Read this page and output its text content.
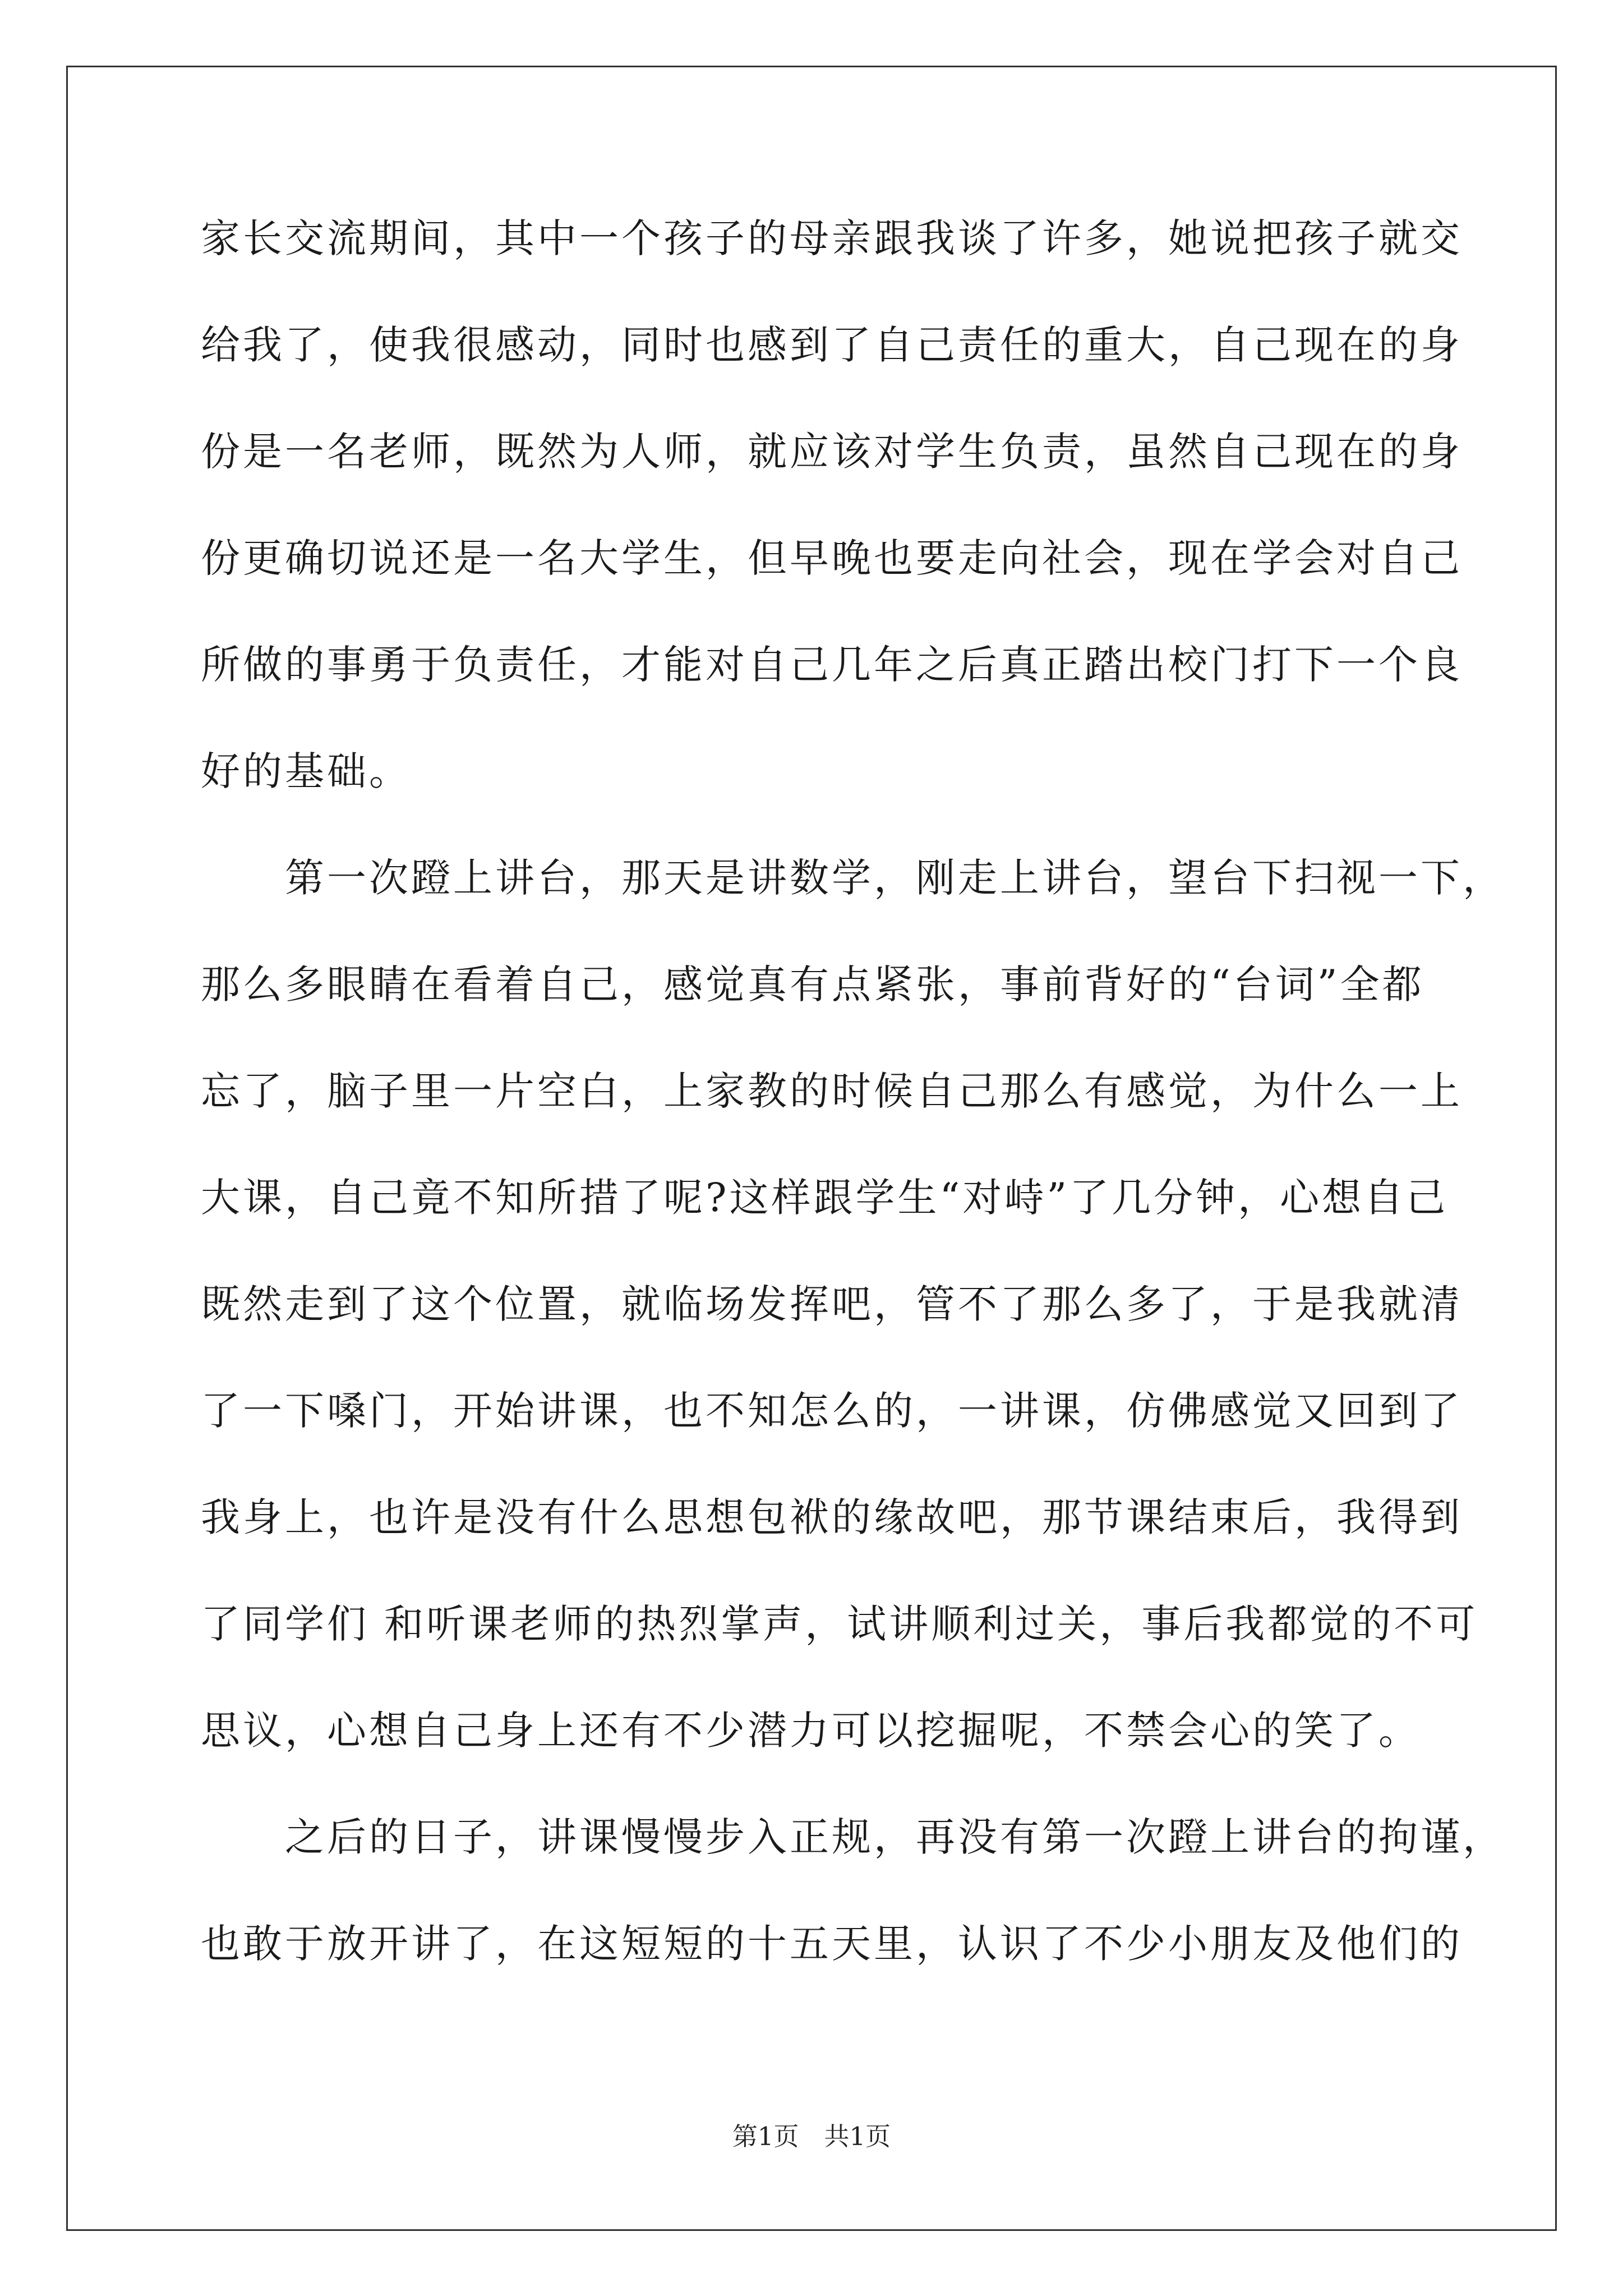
家长交流期间，其中一个孩子的母亲跟我谈了许多，她说把孩子就交
给我了，使我很感动，同时也感到了自己责任的重大，自己现在的身
份是一名老师，既然为人师，就应该对学生负责，虽然自己现在的身
份更确切说还是一名大学生，但早晚也要走向社会，现在学会对自己
所做的事勇于负责任，才能对自己几年之后真正踏出校门打下一个良
好的基础。
　　第一次蹬上讲台，那天是讲数学，刚走上讲台，望台下扫视一下，
那么多眼睛在看着自己，感觉真有点紧张，事前背好的“台词”全都
忘了，脑子里一片空白，上家教的时候自己那么有感觉，为什么一上
大课，自己竟不知所措了呢?这样跟学生“对峙”了几分钟，心想自己
既然走到了这个位置，就临场发挥吧，管不了那么多了，于是我就清
了一下嗓门，开始讲课，也不知怎么的，一讲课，仿佛感觉又回到了
我身上，也许是没有什么思想包袱的缘故吧，那节课结束后，我得到
了同学们 和听课老师的热烈掌声，试讲顺利过关，事后我都觉的不可
思议，心想自己身上还有不少潜力可以挖掘呢，不禁会心的笑了。
　　之后的日子，讲课慢慢步入正规，再没有第一次蹬上讲台的拘谨，
也敢于放开讲了，在这短短的十五天里，认识了不少小朋友及他们的
第1页　共1页
